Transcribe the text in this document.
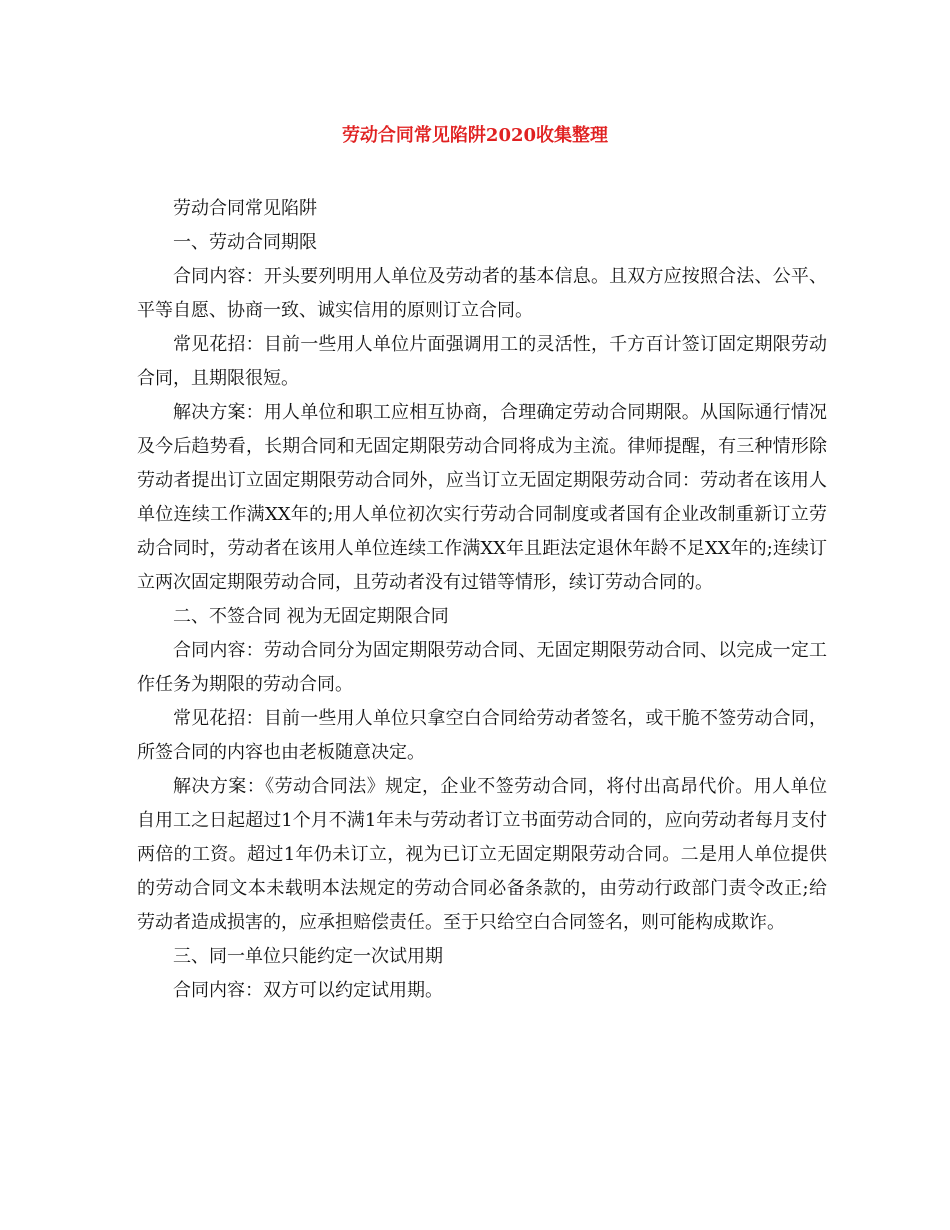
劳动合同常见陷阱2020收集整理

劳动合同常见陷阱

一、劳动合同期限

合同内容：开头要列明用人单位及劳动者的基本信息。且双方应按照合法、公平、平等自愿、协商一致、诚实信用的原则订立合同。

常见花招：目前一些用人单位片面强调用工的灵活性，千方百计签订固定期限劳动合同，且期限很短。

解决方案：用人单位和职工应相互协商，合理确定劳动合同期限。从国际通行情况及今后趋势看，长期合同和无固定期限劳动合同将成为主流。律师提醒，有三种情形除劳动者提出订立固定期限劳动合同外，应当订立无固定期限劳动合同：劳动者在该用人单位连续工作满XX年的;用人单位初次实行劳动合同制度或者国有企业改制重新订立劳动合同时，劳动者在该用人单位连续工作满XX年且距法定退休年龄不足XX年的;连续订立两次固定期限劳动合同，且劳动者没有过错等情形，续订劳动合同的。

二、不签合同 视为无固定期限合同

合同内容：劳动合同分为固定期限劳动合同、无固定期限劳动合同、以完成一定工作任务为期限的劳动合同。

常见花招：目前一些用人单位只拿空白合同给劳动者签名，或干脆不签劳动合同，所签合同的内容也由老板随意决定。

解决方案：《劳动合同法》规定，企业不签劳动合同，将付出高昂代价。用人单位自用工之日起超过1个月不满1年未与劳动者订立书面劳动合同的，应向劳动者每月支付两倍的工资。超过1年仍未订立，视为已订立无固定期限劳动合同。二是用人单位提供的劳动合同文本未载明本法规定的劳动合同必备条款的，由劳动行政部门责令改正;给劳动者造成损害的，应承担赔偿责任。至于只给空白合同签名，则可能构成欺诈。

三、同一单位只能约定一次试用期

合同内容：双方可以约定试用期。
